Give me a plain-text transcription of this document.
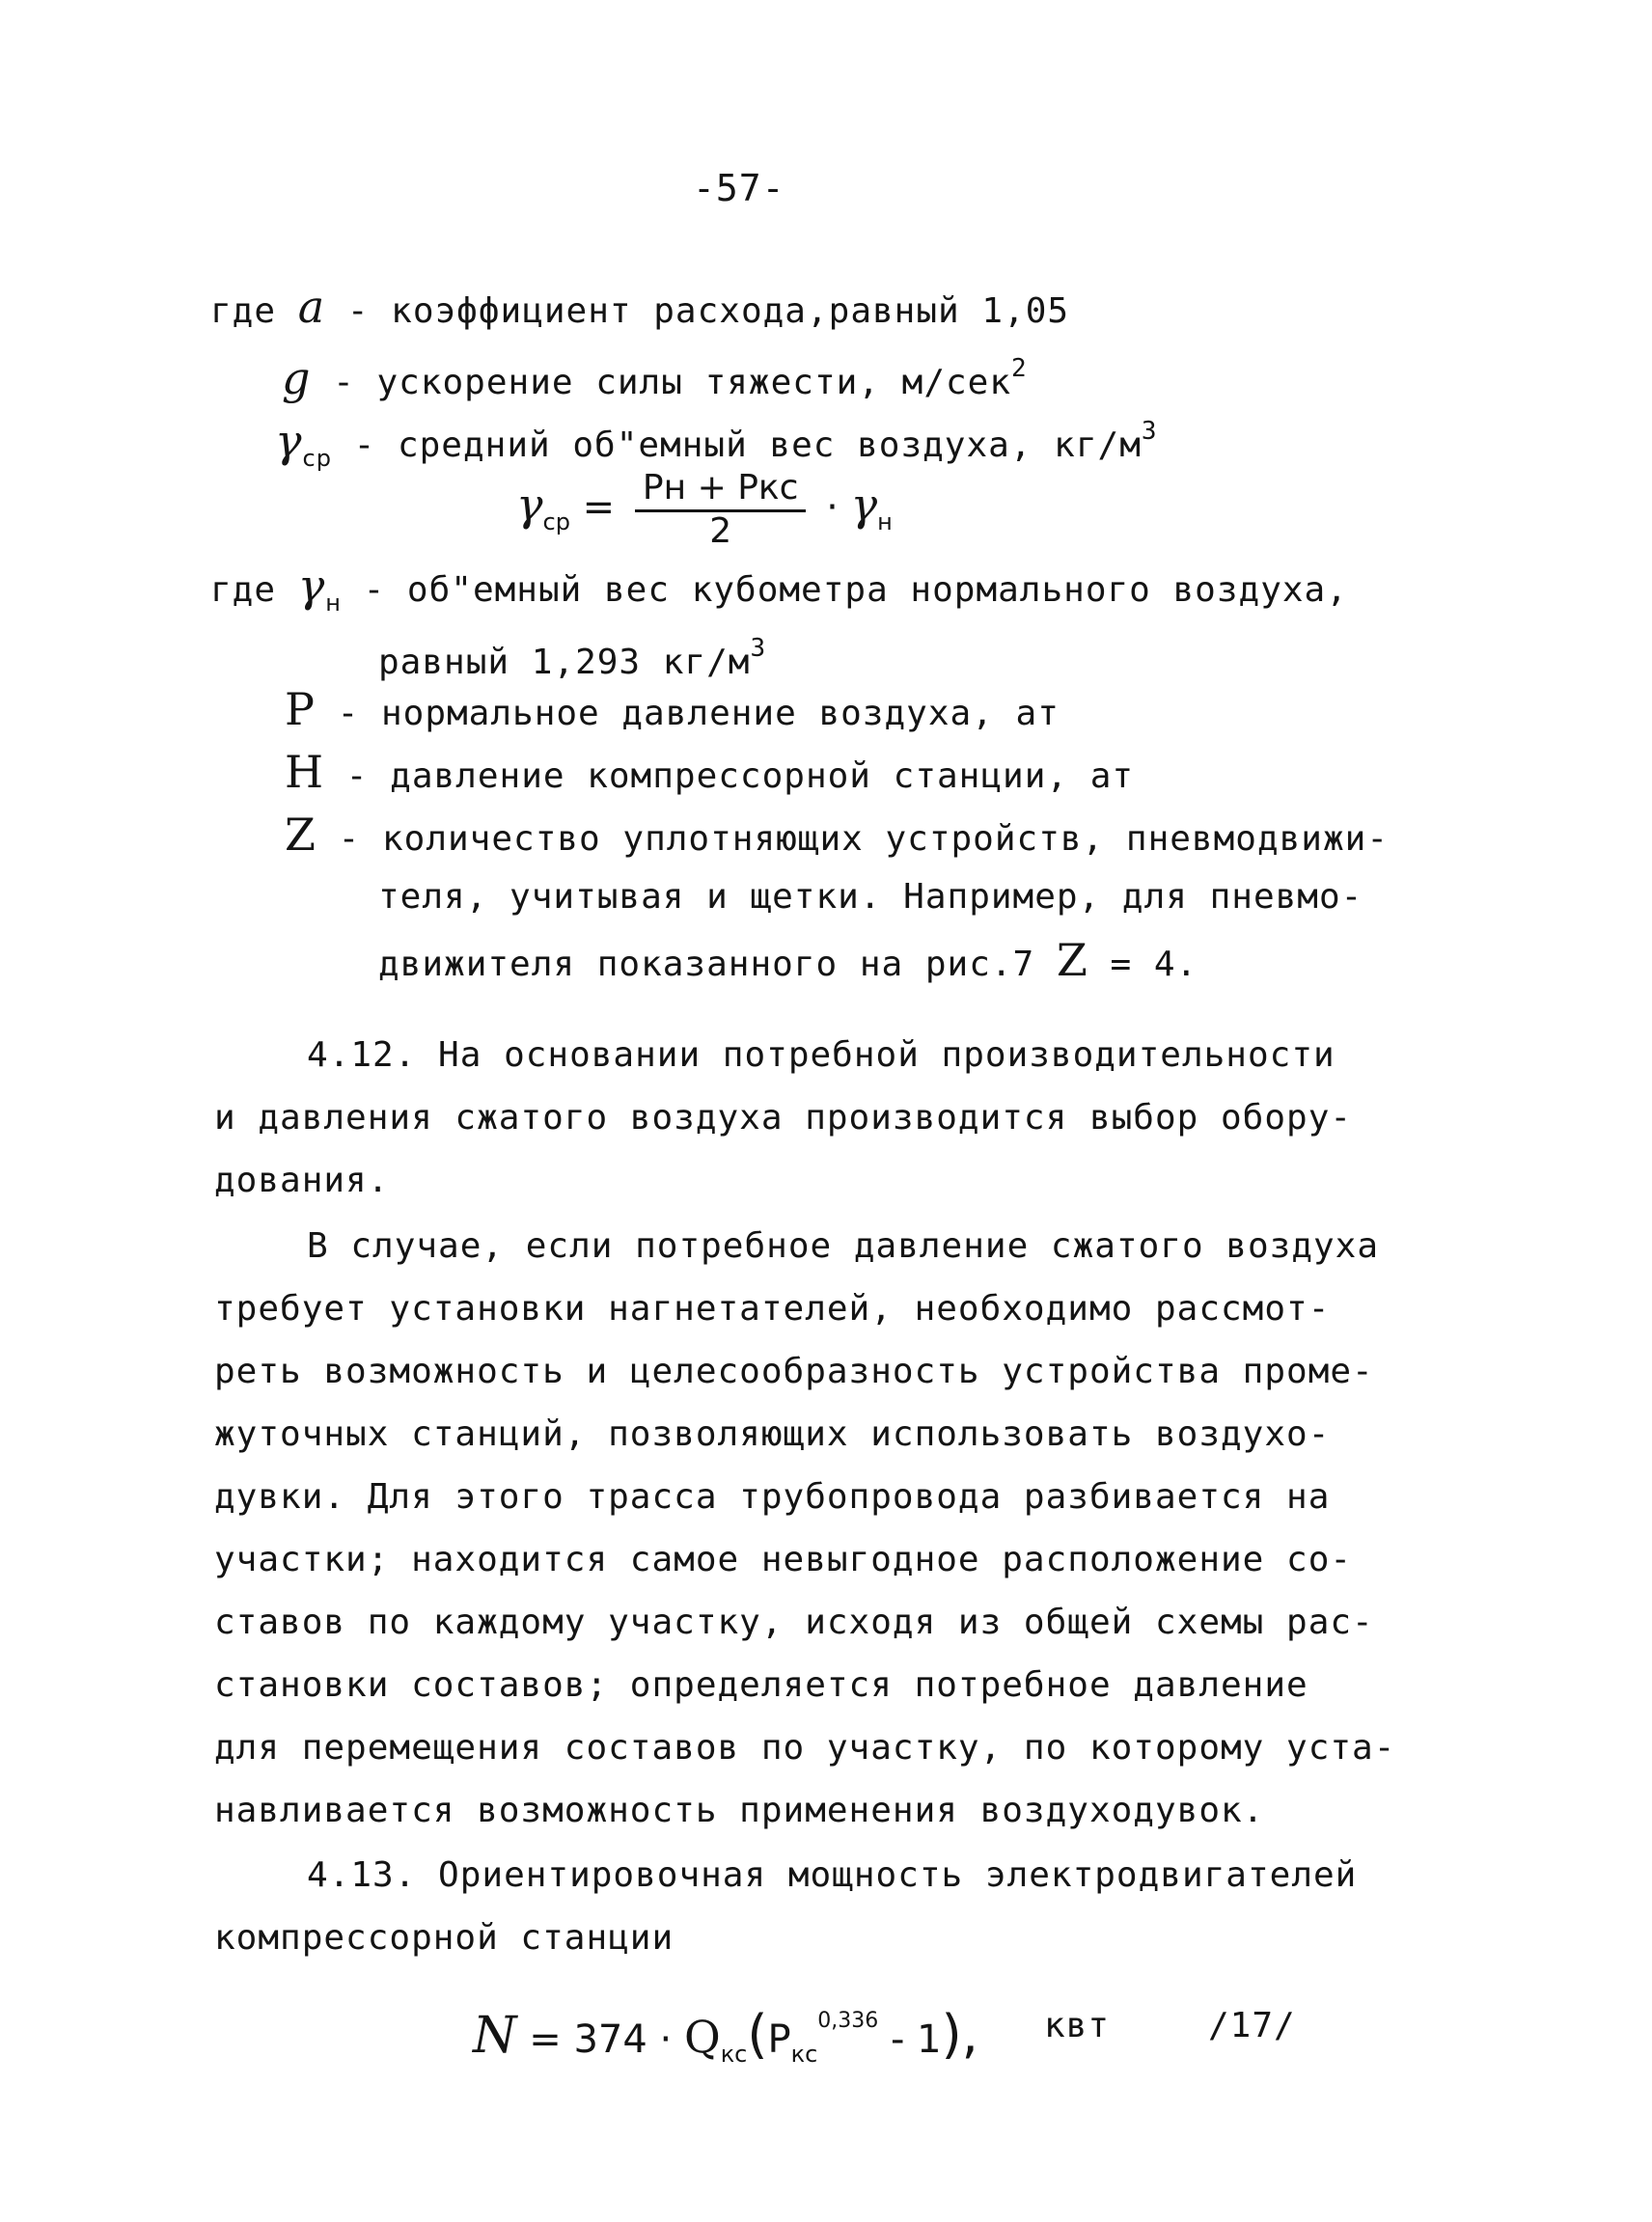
-57-
где a - коэффициент расхода,равный 1,05
g - ускорение силы тяжести, м/сек$^2$
$\gamma_{ср}$ - средний об"емный вес воздуха, $кг/м^3$
$\gamma_{ср} = \frac{\text{Pн + Pкс}}{2} \cdot \gamma_н$
где $\gamma_н$ - об"емный вес кубометра нормального воздуха,
равный 1,293 $кг/м^3$
P - нормальное давление воздуха, ат
Н - давление компрессорной станции, ат
Z - количество уплотняющих устройств, пневмодвижи-
теля, учитывая и щетки. Например, для пневмо-
движителя показанного на рис.7 Z = 4.
4.12. На основании потребной производительности
и давления сжатого воздуха производится выбор обору-
дования.
В случае, если потребное давление сжатого воздуха
требует установки нагнетателей, необходимо рассмот-
реть возможность и целесообразность устройства проме-
жуточных станций, позволяющих использовать воздухо-
дувки. Для этого трасса трубопровода разбивается на
участки; находится самое невыгодное расположение со-
ставов по каждому участку, исходя из общей схемы рас-
становки составов; определяется потребное давление
для перемещения составов по участку, по которому уста-
навливается возможность применения воздуходувок.
4.13. Ориентировочная мощность электродвигателей
компрессорной станции
$N = 374 \cdot Q_{кс}(P_{кс}^{0,336} - 1)$, квт	/17/
